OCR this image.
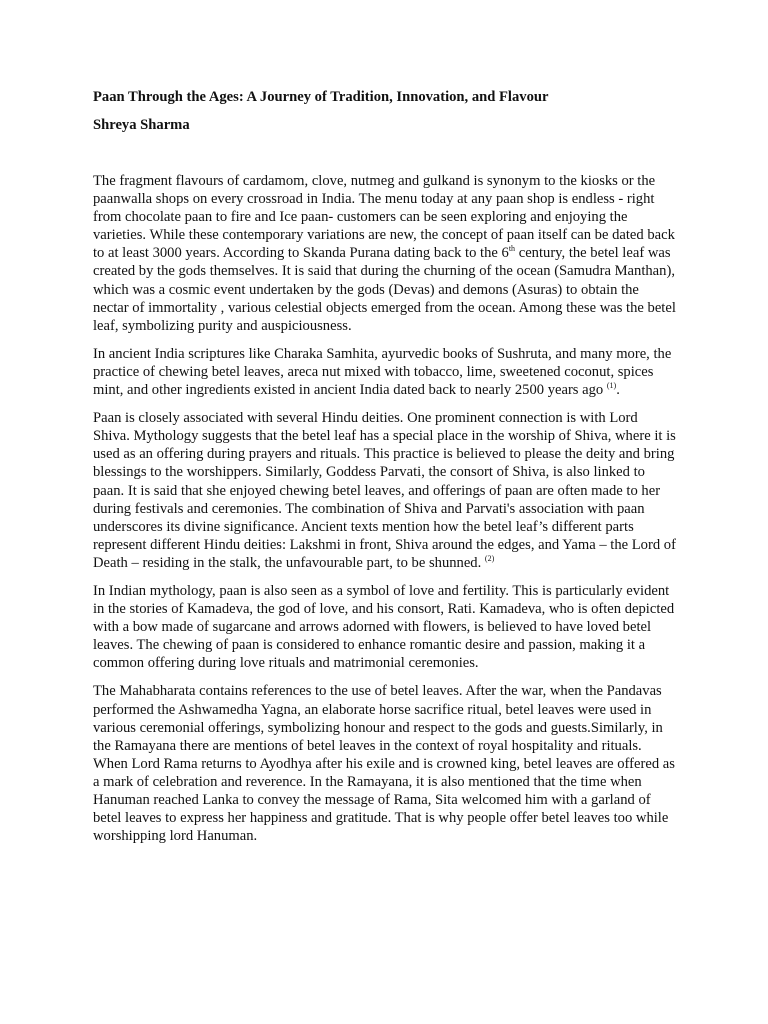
Paan Through the Ages: A Journey of Tradition, Innovation, and Flavour

Shreya Sharma

The fragment flavours of cardamom, clove, nutmeg and gulkand is synonym to the kiosks or the paanwalla shops on every crossroad in India. The menu today at any paan shop is endless - right from chocolate paan to fire and Ice paan- customers can be seen exploring and enjoying the varieties. While these contemporary variations are new, the concept of paan itself can be dated back to at least 3000 years. According to Skanda Purana dating back to the 6th century, the betel leaf was created by the gods themselves. It is said that during the churning of the ocean (Samudra Manthan), which was a cosmic event undertaken by the gods (Devas) and demons (Asuras) to obtain the nectar of immortality , various celestial objects emerged from the ocean. Among these was the betel leaf, symbolizing purity and auspiciousness.

In ancient India scriptures like Charaka Samhita, ayurvedic books of Sushruta, and many more, the practice of chewing betel leaves, areca nut mixed with tobacco, lime, sweetened coconut, spices mint, and other ingredients existed in ancient India dated back to nearly 2500 years ago $^{(1)}$.

Paan is closely associated with several Hindu deities. One prominent connection is with Lord Shiva. Mythology suggests that the betel leaf has a special place in the worship of Shiva, where it is used as an offering during prayers and rituals. This practice is believed to please the deity and bring blessings to the worshippers. Similarly, Goddess Parvati, the consort of Shiva, is also linked to paan. It is said that she enjoyed chewing betel leaves, and offerings of paan are often made to her during festivals and ceremonies. The combination of Shiva and Parvati's association with paan underscores its divine significance. Ancient texts mention how the betel leaf’s different parts represent different Hindu deities: Lakshmi in front, Shiva around the edges, and Yama – the Lord of Death – residing in the stalk, the unfavourable part, to be shunned. $^{(2)}$

In Indian mythology, paan is also seen as a symbol of love and fertility. This is particularly evident in the stories of Kamadeva, the god of love, and his consort, Rati. Kamadeva, who is often depicted with a bow made of sugarcane and arrows adorned with flowers, is believed to have loved betel leaves. The chewing of paan is considered to enhance romantic desire and passion, making it a common offering during love rituals and matrimonial ceremonies.

The Mahabharata contains references to the use of betel leaves. After the war, when the Pandavas performed the Ashwamedha Yagna, an elaborate horse sacrifice ritual, betel leaves were used in various ceremonial offerings, symbolizing honour and respect to the gods and guests.Similarly, in the Ramayana there are mentions of betel leaves in the context of royal hospitality and rituals. When Lord Rama returns to Ayodhya after his exile and is crowned king, betel leaves are offered as a mark of celebration and reverence. In the Ramayana, it is also mentioned that the time when Hanuman reached Lanka to convey the message of Rama, Sita welcomed him with a garland of betel leaves to express her happiness and gratitude. That is why people offer betel leaves too while worshipping lord Hanuman.
